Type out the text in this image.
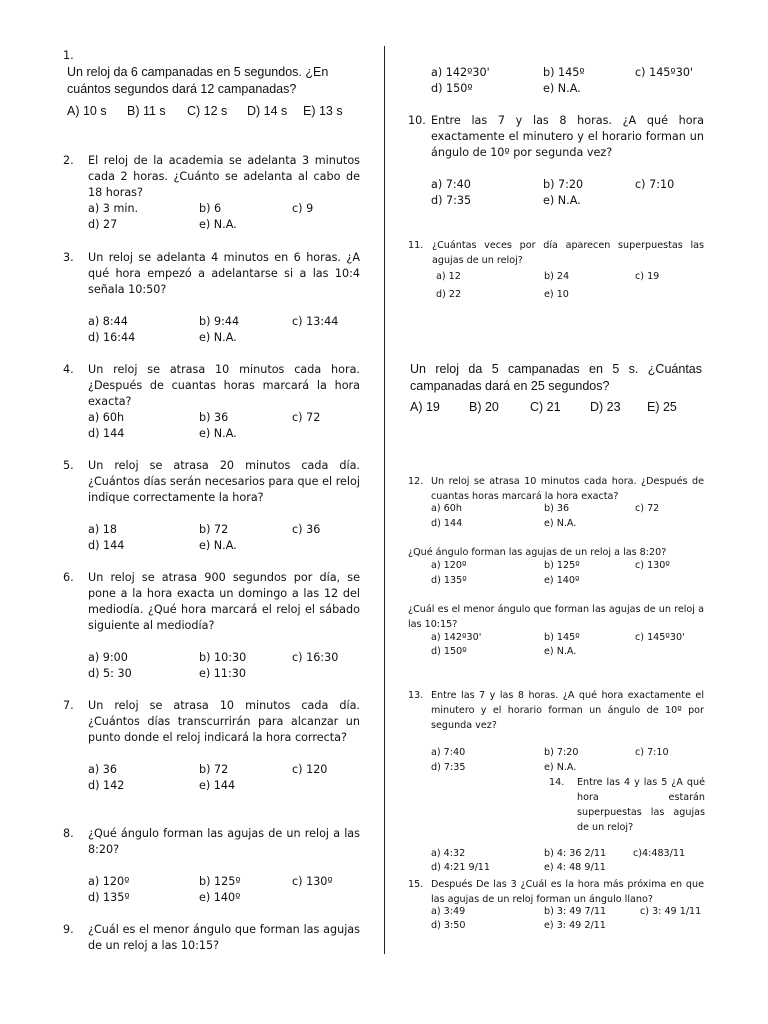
1.
Un reloj da 6 campanadas en 5 segundos. ¿En cuántos segundos dará 12 campanadas?
A) 10 s B) 11 s C) 12 s D) 14 s E) 13 s
2. El reloj de la academia se adelanta 3 minutos cada 2 horas. ¿Cuánto se adelanta al cabo de 18 horas?
a) 3 min.	b) 6	c) 9
d) 27	e) N.A.
3. Un reloj se adelanta 4 minutos en 6 horas. ¿A qué hora empezó a adelantarse si a las 10:4 señala 10:50?
a) 8:44	b) 9:44	c) 13:44
d) 16:44	e) N.A.
4. Un reloj se atrasa 10 minutos cada hora. ¿Después de cuantas horas marcará la hora exacta?
a) 60h	b) 36	c) 72
d) 144	e) N.A.
5. Un reloj se atrasa 20 minutos cada día. ¿Cuántos días serán necesarios para que el reloj indique correctamente la hora?
a) 18	b) 72	c) 36
d) 144	e) N.A.
6. Un reloj se atrasa 900 segundos por día, se pone a la hora exacta un domingo a las 12 del mediodía. ¿Qué hora marcará el reloj el sábado siguiente al mediodía?
a) 9:00	b) 10:30	c) 16:30
d) 5: 30	e) 11:30
7. Un reloj se atrasa 10 minutos cada día. ¿Cuántos días transcurrirán para alcanzar un punto donde el reloj indicará la hora correcta?
a) 36	b) 72	c) 120
d) 142	e) 144
8. ¿Qué ángulo forman las agujas de un reloj a las 8:20?
a) 120º	b) 125º	c) 130º
d) 135º	e) 140º
9. ¿Cuál es el menor ángulo que forman las agujas de un reloj a las 10:15?
a) 142º30'	b) 145º	c) 145º30'
d) 150º	e) N.A.
10. Entre las 7 y las 8 horas. ¿A qué hora exactamente el minutero y el horario forman un ángulo de 10º por segunda vez?
a) 7:40	b) 7:20	c) 7:10
d) 7:35	e) N.A.
11. ¿Cuántas veces por día aparecen superpuestas las agujas de un reloj?
a) 12	b) 24	c) 19
d) 22	e) 10
Un reloj da 5 campanadas en 5 s. ¿Cuántas campanadas dará en 25 segundos?
A) 19 B) 20 C) 21 D) 23 E) 25
12. Un reloj se atrasa 10 minutos cada hora. ¿Después de cuantas horas marcará la hora exacta?
a) 60h	b) 36	c) 72
d) 144	e) N.A.
¿Qué ángulo forman las agujas de un reloj a las 8:20?
a) 120º	b) 125º	c) 130º
d) 135º	e) 140º
¿Cuál es el menor ángulo que forman las agujas de un reloj a las 10:15?
a) 142º30'	b) 145º	c) 145º30'
d) 150º	e) N.A.
13. Entre las 7 y las 8 horas. ¿A qué hora exactamente el minutero y el horario forman un ángulo de 10º por segunda vez?
a) 7:40	b) 7:20	c) 7:10
d) 7:35	e) N.A.
14. Entre las 4 y las 5 ¿A qué hora estarán superpuestas las agujas de un reloj?
a) 4:32	b) 4: 36 2/11	c)4:483/11
d) 4:21 9/11	e) 4: 48 9/11
15. Después De las 3 ¿Cuál es la hora más próxima en que las agujas de un reloj forman un ángulo llano?
a) 3:49	b) 3: 49 7/11	c) 3: 49 1/11
d) 3:50	e) 3: 49 2/11
